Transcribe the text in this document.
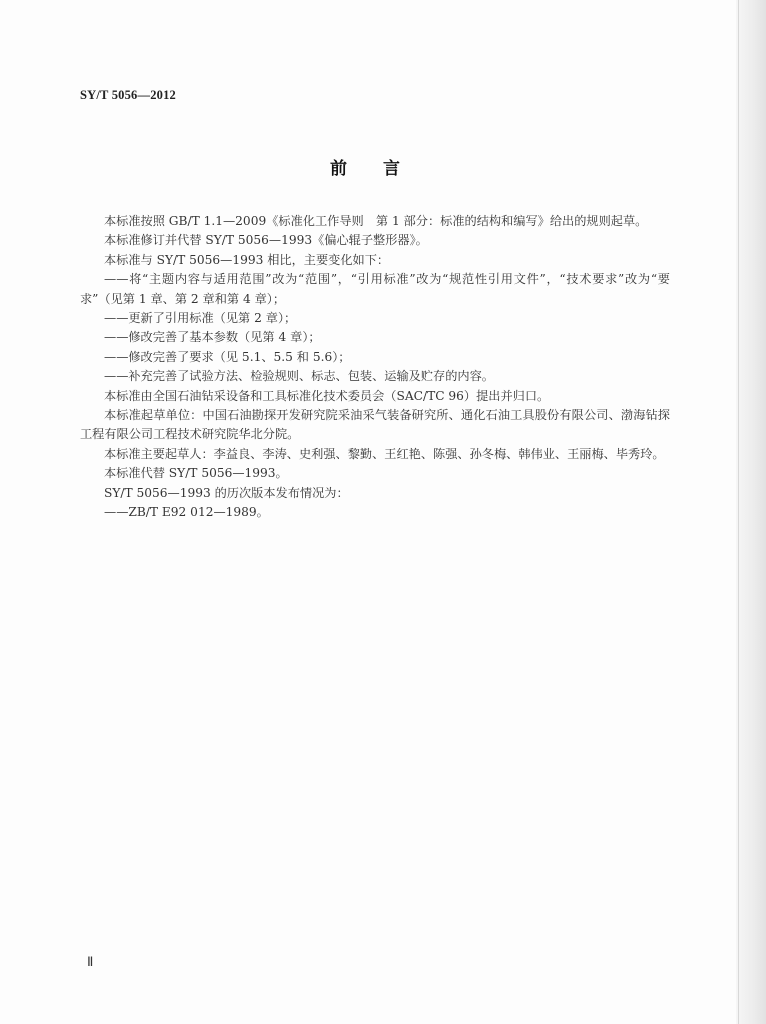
SY/T 5056—2012
前言

本标准按照 GB/T 1.1—2009《标准化工作导则　第 1 部分：标准的结构和编写》给出的规则起草。

本标准修订并代替 SY/T 5056—1993《偏心辊子整形器》。

本标准与 SY/T 5056—1993 相比，主要变化如下：

——将“主题内容与适用范围”改为“范围”，“引用标准”改为“规范性引用文件”，“技术要求”改为“要求”（见第 1 章、第 2 章和第 4 章）；

——更新了引用标准（见第 2 章）；

——修改完善了基本参数（见第 4 章）；

——修改完善了要求（见 5.1、5.5 和 5.6）；

——补充完善了试验方法、检验规则、标志、包装、运输及贮存的内容。

本标准由全国石油钻采设备和工具标准化技术委员会（SAC/TC 96）提出并归口。

本标准起草单位：中国石油勘探开发研究院采油采气装备研究所、通化石油工具股份有限公司、渤海钻探工程有限公司工程技术研究院华北分院。

本标准主要起草人：李益良、李涛、史利强、黎勤、王红艳、陈强、孙冬梅、韩伟业、王丽梅、毕秀玲。

本标准代替 SY/T 5056—1993。

SY/T 5056—1993 的历次版本发布情况为：

——ZB/T E92 012—1989。

Ⅱ
